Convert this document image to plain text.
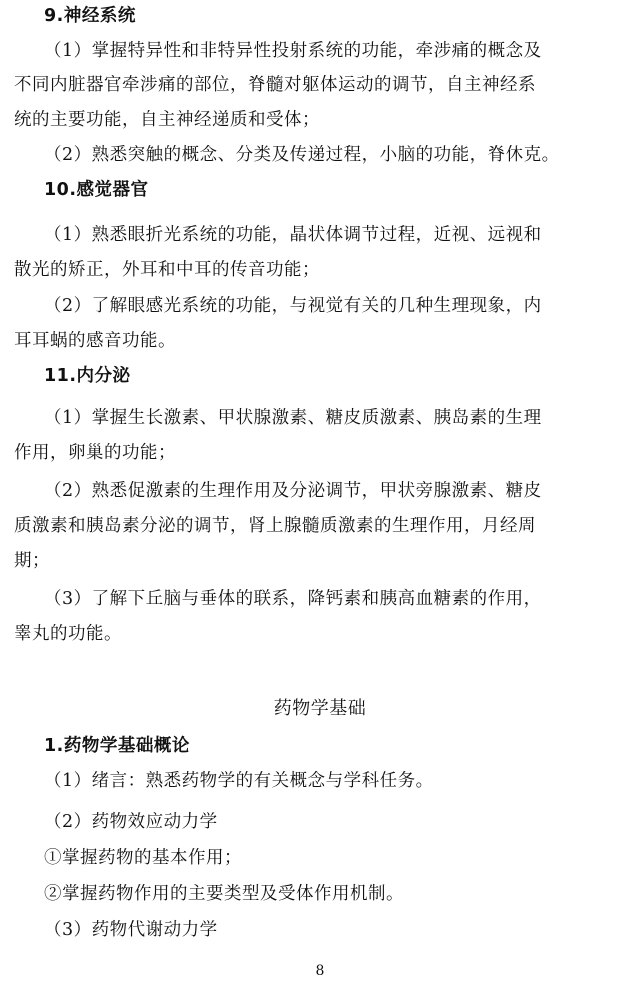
9.神经系统
（1）掌握特异性和非特异性投射系统的功能，牵涉痛的概念及
不同内脏器官牵涉痛的部位，脊髓对躯体运动的调节，自主神经系
统的主要功能，自主神经递质和受体；
（2）熟悉突触的概念、分类及传递过程，小脑的功能，脊休克。
10.感觉器官
（1）熟悉眼折光系统的功能，晶状体调节过程，近视、远视和
散光的矫正，外耳和中耳的传音功能；
（2）了解眼感光系统的功能，与视觉有关的几种生理现象，内
耳耳蜗的感音功能。
11.内分泌
（1）掌握生长激素、甲状腺激素、糖皮质激素、胰岛素的生理
作用，卵巢的功能；
（2）熟悉促激素的生理作用及分泌调节，甲状旁腺激素、糖皮
质激素和胰岛素分泌的调节，肾上腺髓质激素的生理作用，月经周
期；
（3）了解下丘脑与垂体的联系，降钙素和胰高血糖素的作用，
睾丸的功能。
药物学基础
1.药物学基础概论
（1）绪言：熟悉药物学的有关概念与学科任务。
（2）药物效应动力学
①掌握药物的基本作用；
②掌握药物作用的主要类型及受体作用机制。
（3）药物代谢动力学
8
